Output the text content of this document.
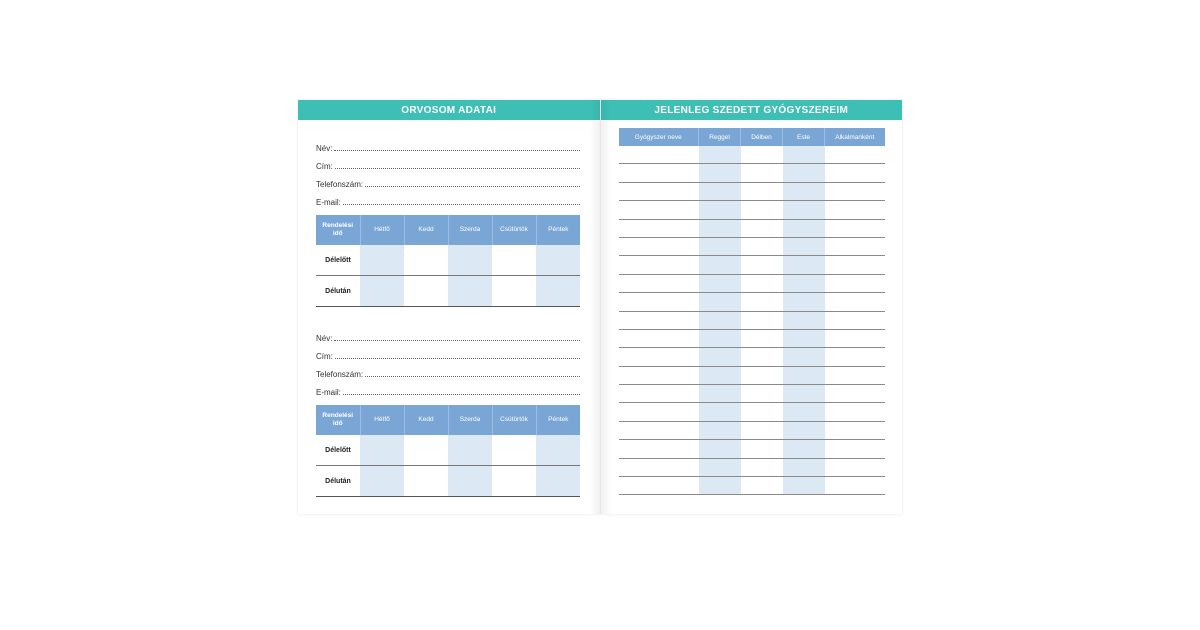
ORVOSOM ADATAI
Név:
Cím:
Telefonszám:
E-mail:
Rendelési idő	Hétfő	Kedd	Szerda	Csütörtök	Péntek
Délelőtt					
Délután					
Név:
Cím:
Telefonszám:
E-mail:
Rendelési idő	Hétfő	Kedd	Szerda	Csütörtök	Péntek
Délelőtt					
Délután					
JELENLEG SZEDETT GYÓGYSZEREIM
Gyógyszer neve	Reggel	Délben	Este	Alkalmanként
